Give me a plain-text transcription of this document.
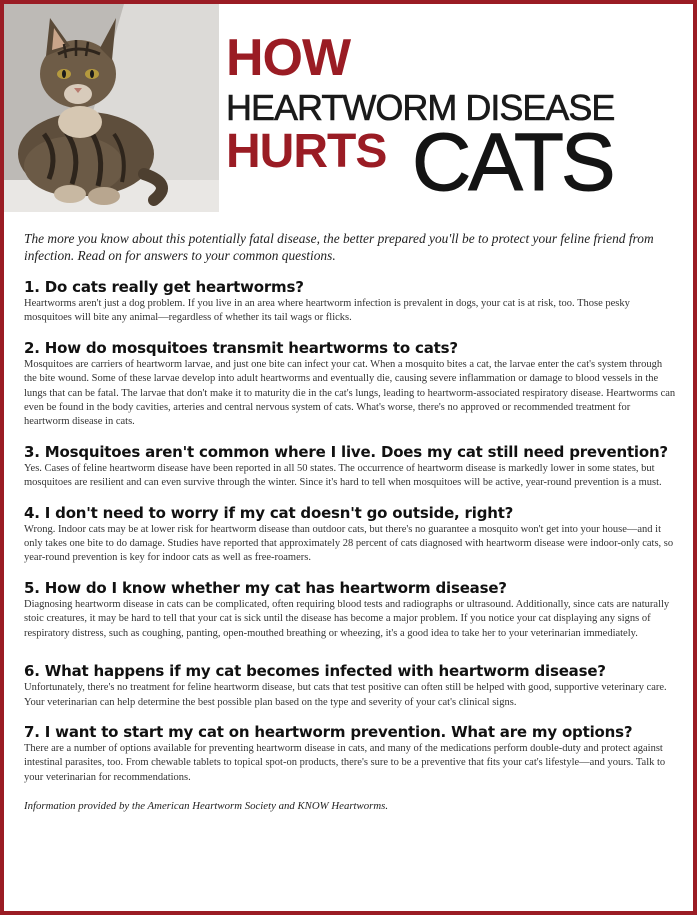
HOW
HEARTWORM DISEASE
HURTS CATS

The more you know about this potentially fatal disease, the better prepared you'll be to protect your feline friend from infection. Read on for answers to your common questions.

1. Do cats really get heartworms?

Heartworms aren't just a dog problem. If you live in an area where heartworm infection is prevalent in dogs, your cat is at risk, too. Those pesky mosquitoes will bite any animal—regardless of whether its tail wags or flicks.

2. How do mosquitoes transmit heartworms to cats?

Mosquitoes are carriers of heartworm larvae, and just one bite can infect your cat. When a mosquito bites a cat, the larvae enter the cat's system through the bite wound. Some of these larvae develop into adult heartworms and eventually die, causing severe inflammation or damage to blood vessels in the lungs that can be fatal. The larvae that don't make it to maturity die in the cat's lungs, leading to heartworm-associated respiratory disease. Heartworms can even be found in the body cavities, arteries and central nervous system of cats. What's worse, there's no approved or recommended treatment for heartworm disease in cats.

3. Mosquitoes aren't common where I live. Does my cat still need prevention?

Yes. Cases of feline heartworm disease have been reported in all 50 states. The occurrence of heartworm disease is markedly lower in some states, but mosquitoes are resilient and can even survive through the winter. Since it's hard to tell when mosquitoes will be active, year-round prevention is a must.

4. I don't need to worry if my cat doesn't go outside, right?

Wrong. Indoor cats may be at lower risk for heartworm disease than outdoor cats, but there's no guarantee a mosquito won't get into your house—and it only takes one bite to do damage. Studies have reported that approximately 28 percent of cats diagnosed with heartworm disease were indoor-only cats, so year-round prevention is key for indoor cats as well as free-roamers.

5. How do I know whether my cat has heartworm disease?

Diagnosing heartworm disease in cats can be complicated, often requiring blood tests and radiographs or ultrasound. Additionally, since cats are naturally stoic creatures, it may be hard to tell that your cat is sick until the disease has become a major problem. If you notice your cat displaying any signs of respiratory distress, such as coughing, panting, open-mouthed breathing or wheezing, it's a good idea to take her to your veterinarian immediately.

6. What happens if my cat becomes infected with heartworm disease?

Unfortunately, there's no treatment for feline heartworm disease, but cats that test positive can often still be helped with good, supportive veterinary care. Your veterinarian can help determine the best possible plan based on the type and severity of your cat's clinical signs.

7. I want to start my cat on heartworm prevention. What are my options?

There are a number of options available for preventing heartworm disease in cats, and many of the medications perform double-duty and protect against intestinal parasites, too. From chewable tablets to topical spot-on products, there's sure to be a preventive that fits your cat's lifestyle—and yours. Talk to your veterinarian for recommendations.

Information provided by the American Heartworm Society and KNOW Heartworms.
